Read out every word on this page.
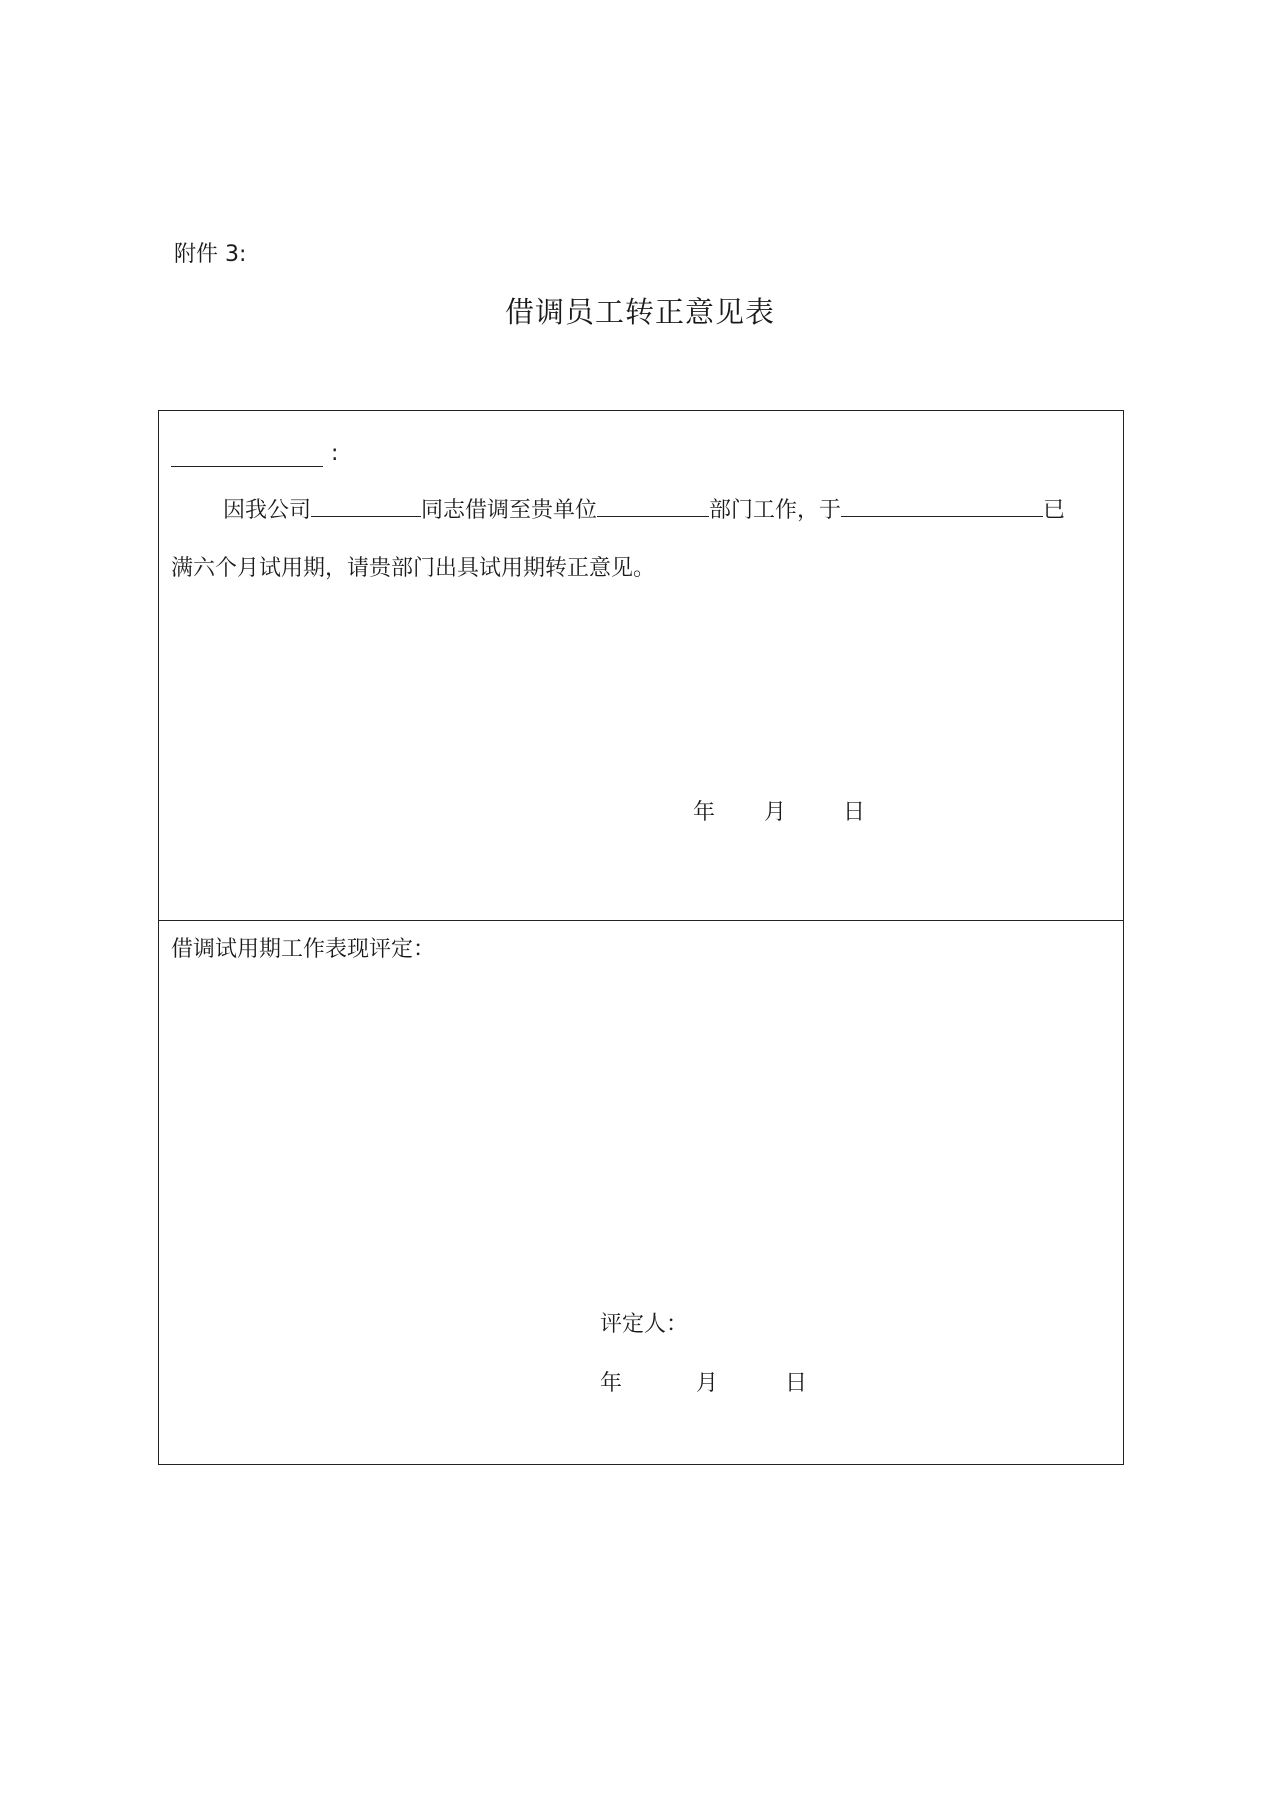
附件 3:
借调员工转正意见表
:
因我公司	同志借调至贵单位	部门工作，于	已
满六个月试用期，请贵部门出具试用期转正意见。
年 月	日
借调试用期工作表现评定：
评定人：
年	月	日
